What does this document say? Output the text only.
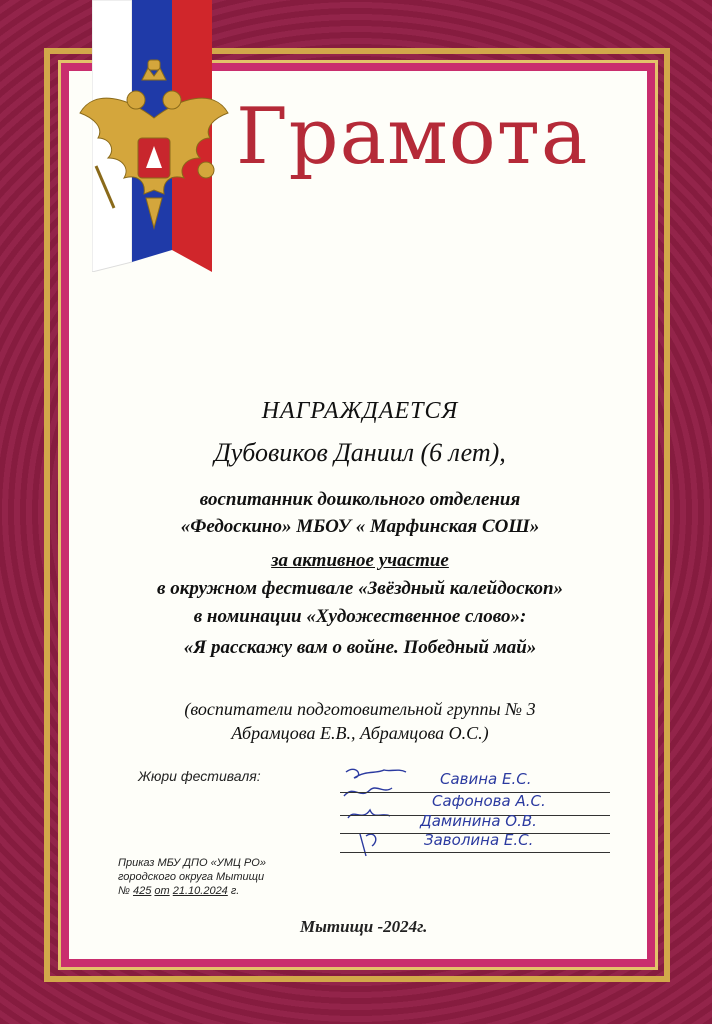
Грамота
НАГРАЖДАЕТСЯ
Дубовиков Даниил (6 лет),
воспитанник дошкольного отделения
«Федоскино» МБОУ « Марфинская СОШ»
за активное участие
в окружном фестивале «Звёздный калейдоскоп»
в номинации «Художественное слово»:
«Я расскажу вам о войне. Победный май»
(воспитатели подготовительной группы № 3
Абрамцова Е.В., Абрамцова О.С.)
Жюри фестиваля:	Савина Е.С.
Сафонова А.С.
Даминина О.В.
Заволина Е.С.
Приказ МБУ ДПО «УМЦ РО»
городского округа Мытищи
№ 425 от 21.10.2024 г.
Мытищи -2024г.
